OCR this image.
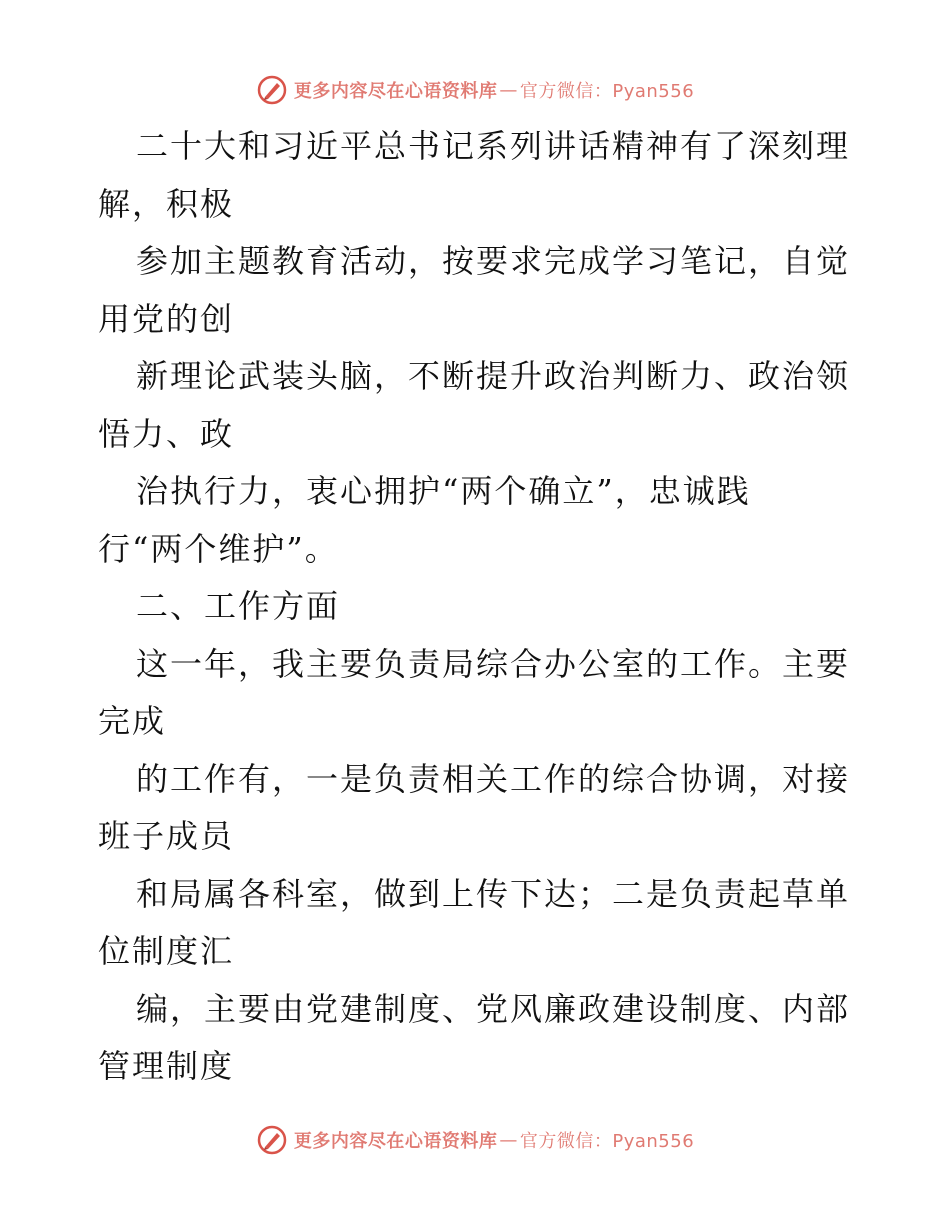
更多内容尽在心语资料库 — 官方微信：Pyan556
二十大和习近平总书记系列讲话精神有了深刻理
解，积极
参加主题教育活动，按要求完成学习笔记，自觉
用党的创
新理论武装头脑，不断提升政治判断力、政治领
悟力、政
治执行力，衷心拥护“两个确立”，忠诚践
行“两个维护”。
二、工作方面
这一年，我主要负责局综合办公室的工作。主要
完成
的工作有，一是负责相关工作的综合协调，对接
班子成员
和局属各科室，做到上传下达；二是负责起草单
位制度汇
编，主要由党建制度、党风廉政建设制度、内部
管理制度
更多内容尽在心语资料库 — 官方微信：Pyan556
